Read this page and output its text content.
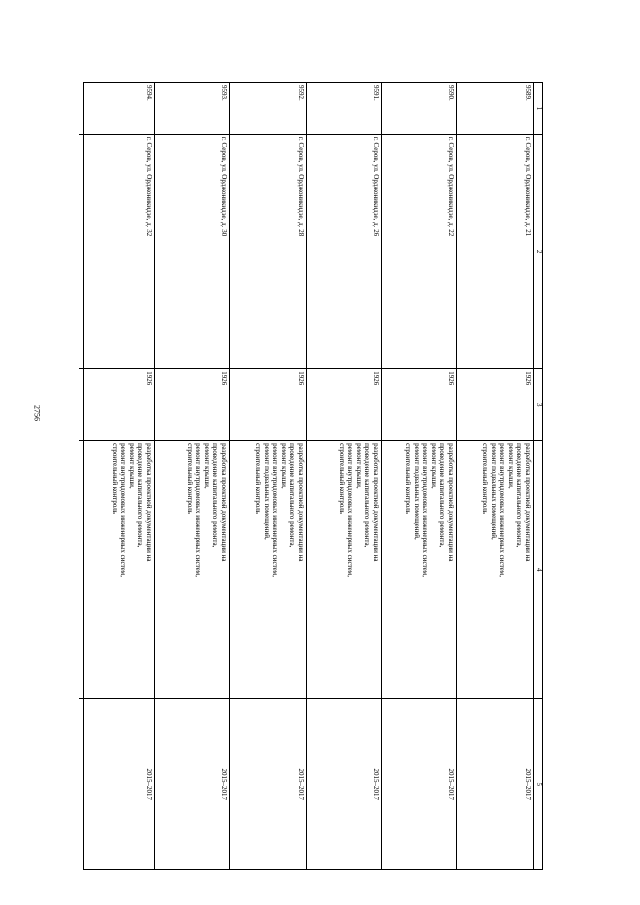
2756
1
2
3
4
5
9589.
г. Серов, ул. Орджоникидзе, д. 21
1926
разработка проектной документации на
проведение капитального ремонта,
ремонт крыши,
ремонт внутридомовых инженерных систем,
ремонт подвальных помещений,
строительный контроль
2015–2017
9590.
г. Серов, ул. Орджоникидзе, д. 22
1926
разработка проектной документации на
проведение капитального ремонта,
ремонт крыши,
ремонт внутридомовых инженерных систем,
ремонт подвальных помещений,
строительный контроль
2015–2017
9591.
г. Серов, ул. Орджоникидзе, д. 26
1926
разработка проектной документации на
проведение капитального ремонта,
ремонт крыши,
ремонт внутридомовых инженерных систем,
строительный контроль
2015–2017
9592.
г. Серов, ул. Орджоникидзе, д. 28
1926
разработка проектной документации на
проведение капитального ремонта,
ремонт крыши,
ремонт внутридомовых инженерных систем,
ремонт подвальных помещений,
строительный контроль
2015–2017
9593.
г. Серов, ул. Орджоникидзе, д. 30
1926
разработка проектной документации на
проведение капитального ремонта,
ремонт крыши,
ремонт внутридомовых инженерных систем,
строительный контроль
2015–2017
9594.
г. Серов, ул. Орджоникидзе, д. 32
1926
разработка проектной документации на
проведение капитального ремонта,
ремонт крыши,
ремонт внутридомовых инженерных систем,
строительный контроль
2015–2017
